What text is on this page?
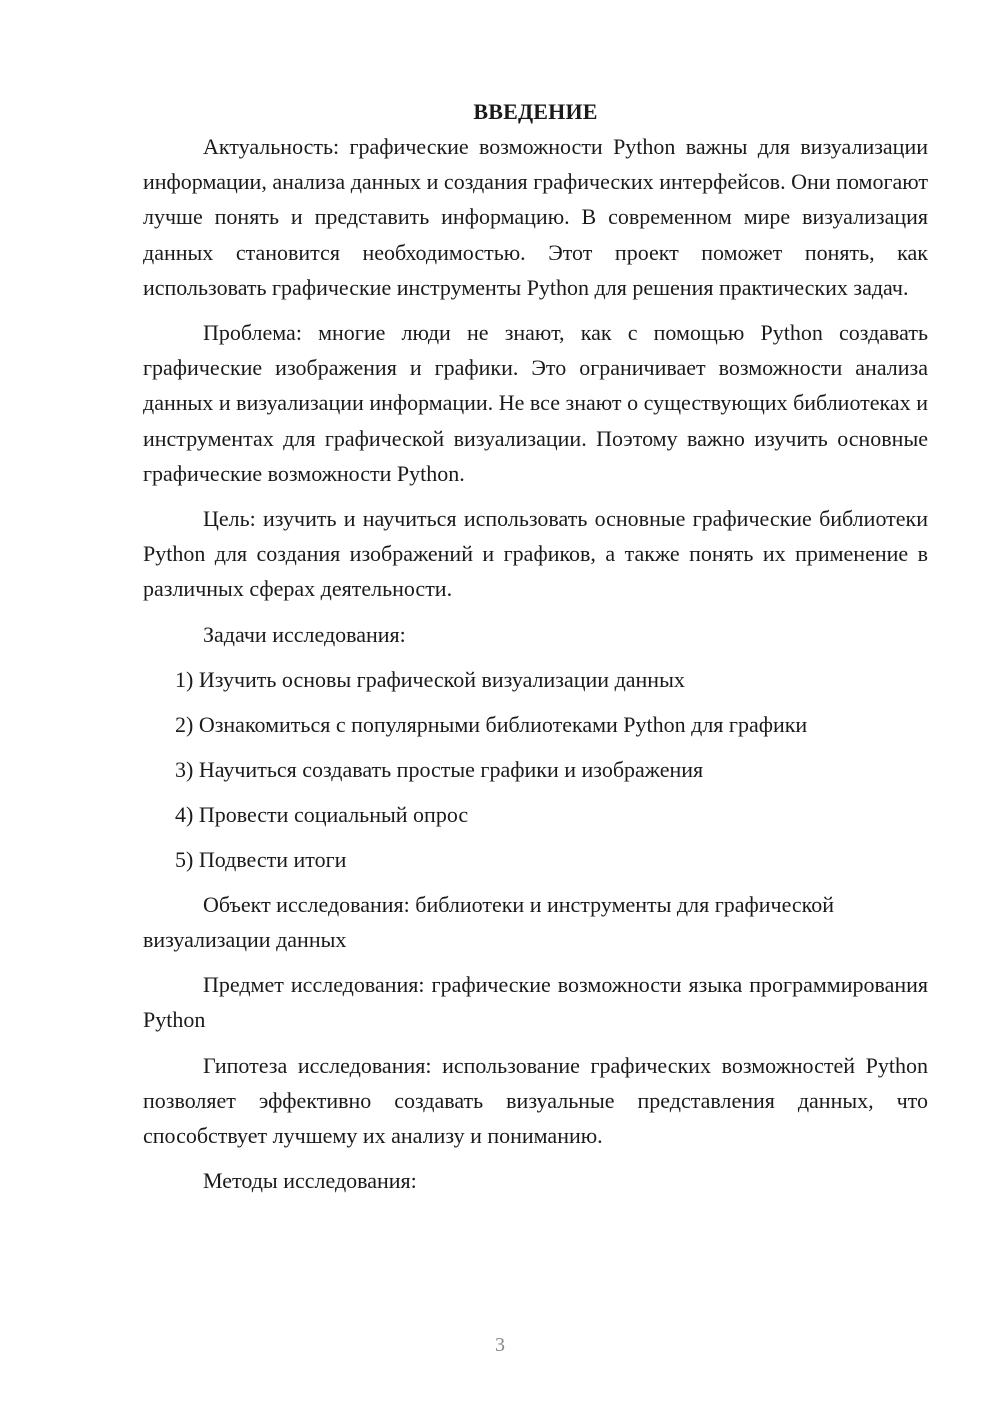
ВВЕДЕНИЕ

Актуальность: графические возможности Python важны для визуализации информации, анализа данных и создания графических интерфейсов. Они помогают лучше понять и представить информацию. В современном мире визуализация данных становится необходимостью. Этот проект поможет понять, как использовать графические инструменты Python для решения практических задач.

Проблема: многие люди не знают, как с помощью Python создавать графические изображения и графики. Это ограничивает возможности анализа данных и визуализации информации. Не все знают о существующих библиотеках и инструментах для графической визуализации. Поэтому важно изучить основные графические возможности Python.

Цель: изучить и научиться использовать основные графические библиотеки Python для создания изображений и графиков, а также понять их применение в различных сферах деятельности.

Задачи исследования:

1) Изучить основы графической визуализации данных
2) Ознакомиться с популярными библиотеками Python для графики
3) Научиться создавать простые графики и изображения
4) Провести социальный опрос
5) Подвести итоги

Объект исследования: библиотеки и инструменты для графической визуализации данных

Предмет исследования: графические возможности языка программирования Python

Гипотеза исследования: использование графических возможностей Python позволяет эффективно создавать визуальные представления данных, что способствует лучшему их анализу и пониманию.

Методы исследования:

3
